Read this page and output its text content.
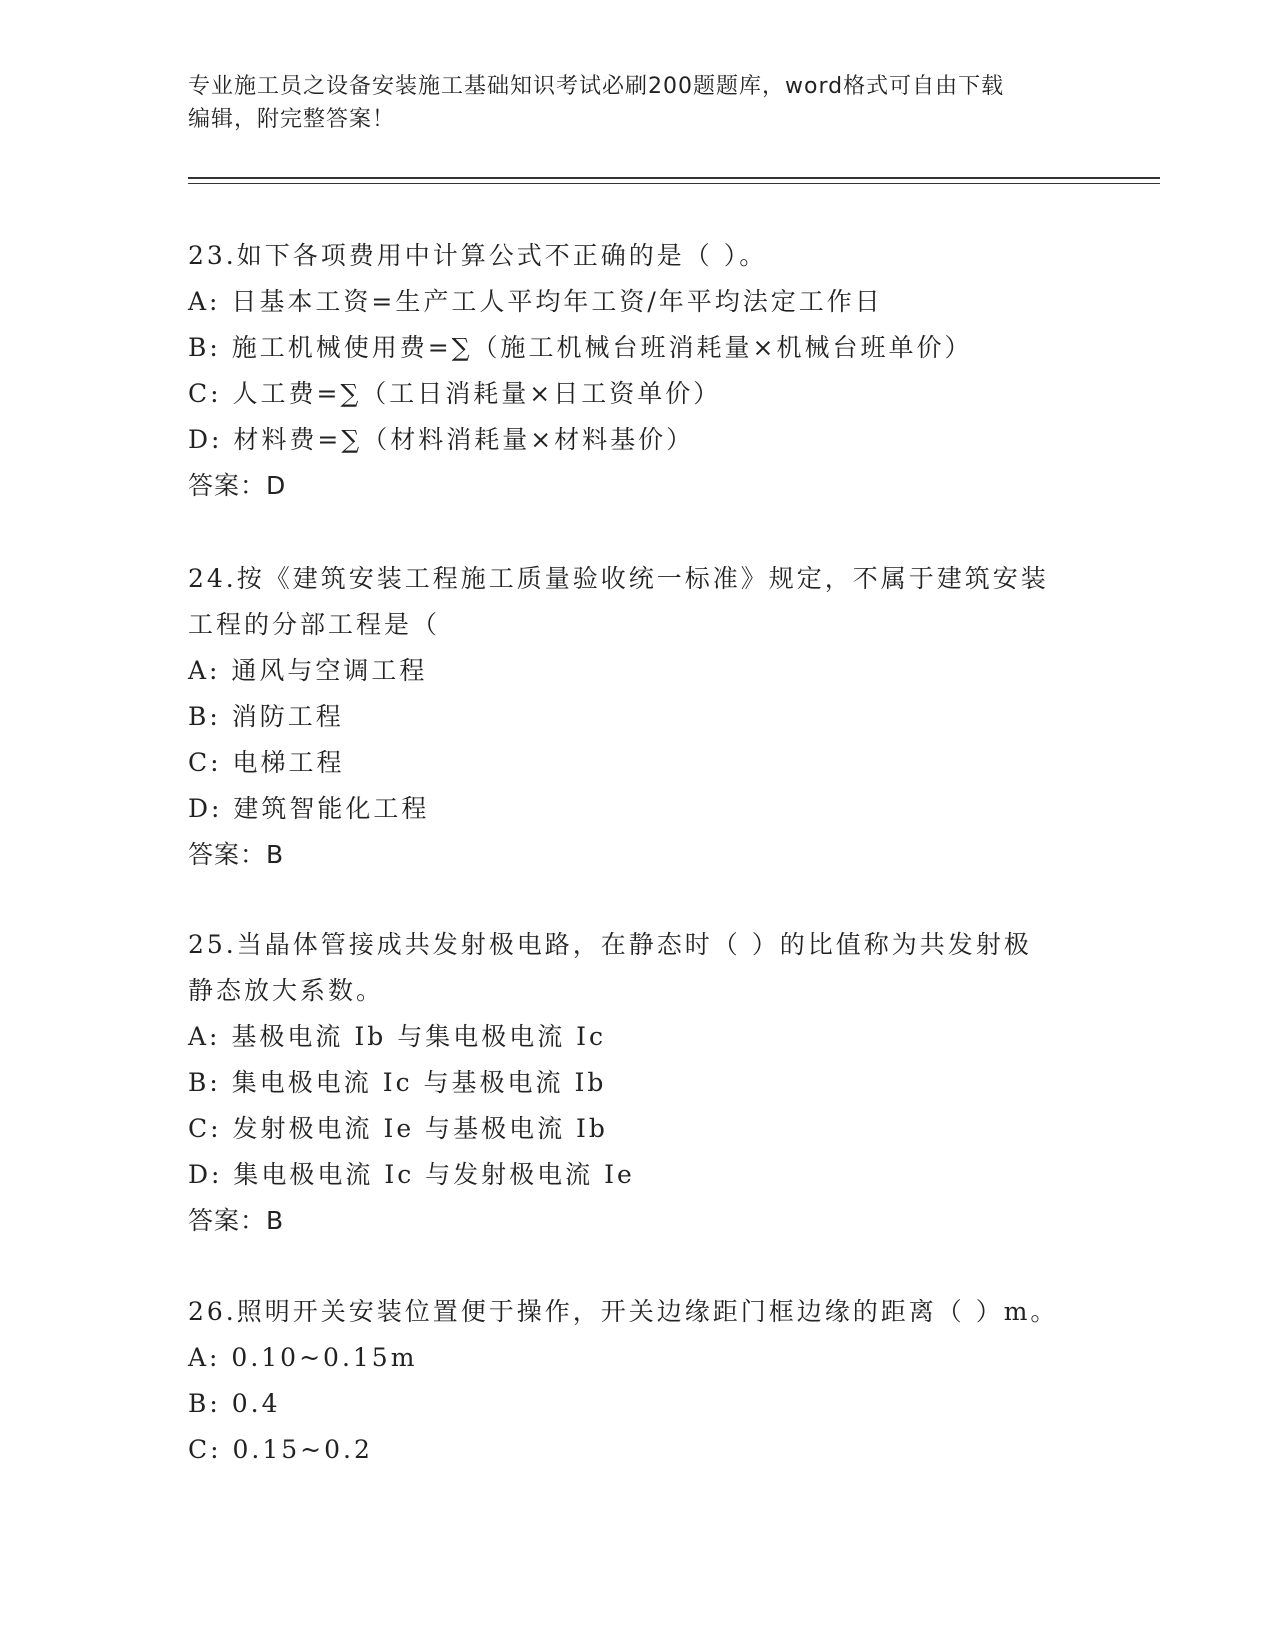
专业施工员之设备安装施工基础知识考试必刷200题题库，word格式可自由下载
编辑，附完整答案！

23.如下各项费用中计算公式不正确的是（ ）。

A: 日基本工资=生产工人平均年工资/年平均法定工作日

B: 施工机械使用费=∑（施工机械台班消耗量×机械台班单价）

C: 人工费=∑（工日消耗量×日工资单价）

D: 材料费=∑（材料消耗量×材料基价）

答案：D

24.按《建筑安装工程施工质量验收统一标准》规定，不属于建筑安装

工程的分部工程是（

A: 通风与空调工程

B: 消防工程

C: 电梯工程

D: 建筑智能化工程

答案：B

25.当晶体管接成共发射极电路，在静态时（ ）的比值称为共发射极

静态放大系数。

A: 基极电流 Ib 与集电极电流 Ic

B: 集电极电流 Ic 与基极电流 Ib

C: 发射极电流 Ie 与基极电流 Ib

D: 集电极电流 Ic 与发射极电流 Ie

答案：B

26.照明开关安装位置便于操作，开关边缘距门框边缘的距离（ ）m。

A: 0.10~0.15m

B: 0.4

C: 0.15~0.2
